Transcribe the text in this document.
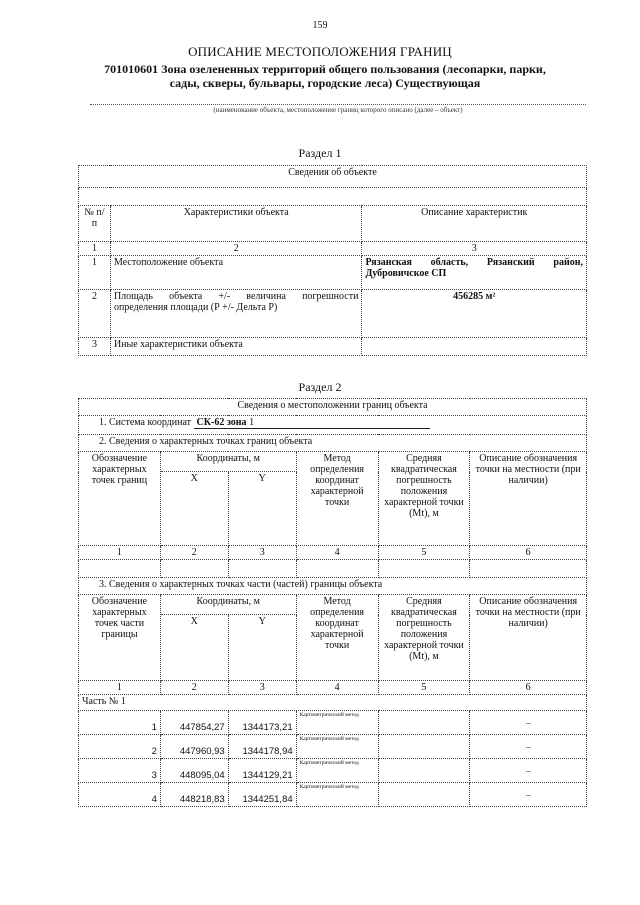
159
ОПИСАНИЕ МЕСТОПОЛОЖЕНИЯ ГРАНИЦ
701010601 Зона озелененных территорий общего пользования (лесопарки, парки, сады, скверы, бульвары, городские леса) Существующая
(наименование объекта, местоположение границ которого описано (далее – объект)
Раздел 1
Сведения об объекте		

№ п/п	Характеристики объекта	Описание характеристик
1	2	3
1	Местоположение объекта	Рязанская область, Рязанский район, Дубровичское СП
2	Площадь объекта +/- величина погрешности определения площади (Р +/- Дельта Р)	456285 м²
3	Иные характеристики объекта	
Раздел 2
Сведения о местоположении границ объекта					
1. Система координат СК-62 зона 1					
2. Сведения о характерных точках границ объекта					
Обозначение характерных точек границ	Координаты, м		Метод определения координат характерной точки	Средняя квадратическая погрешность положения характерной точки (Мt), м	Описание обозначения точки на местности (при наличии)
	X	Y			
1	2	3	4	5	6

3. Сведения о характерных точках части (частей) границы объекта					
Обозначение характерных точек части границы	Координаты, м		Метод определения координат характерной точки	Средняя квадратическая погрешность положения характерной точки (Мt), м	Описание обозначения точки на местности (при наличии)
	X	Y			
1	2	3	4	5	6
Часть № 1					
1	447854,27	1344173,21	Картометрический метод		–
2	447960,93	1344178,94	Картометрический метод		–
3	448095,04	1344129,21	Картометрический метод		–
4	448218,83	1344251,84	Картометрический метод		–
